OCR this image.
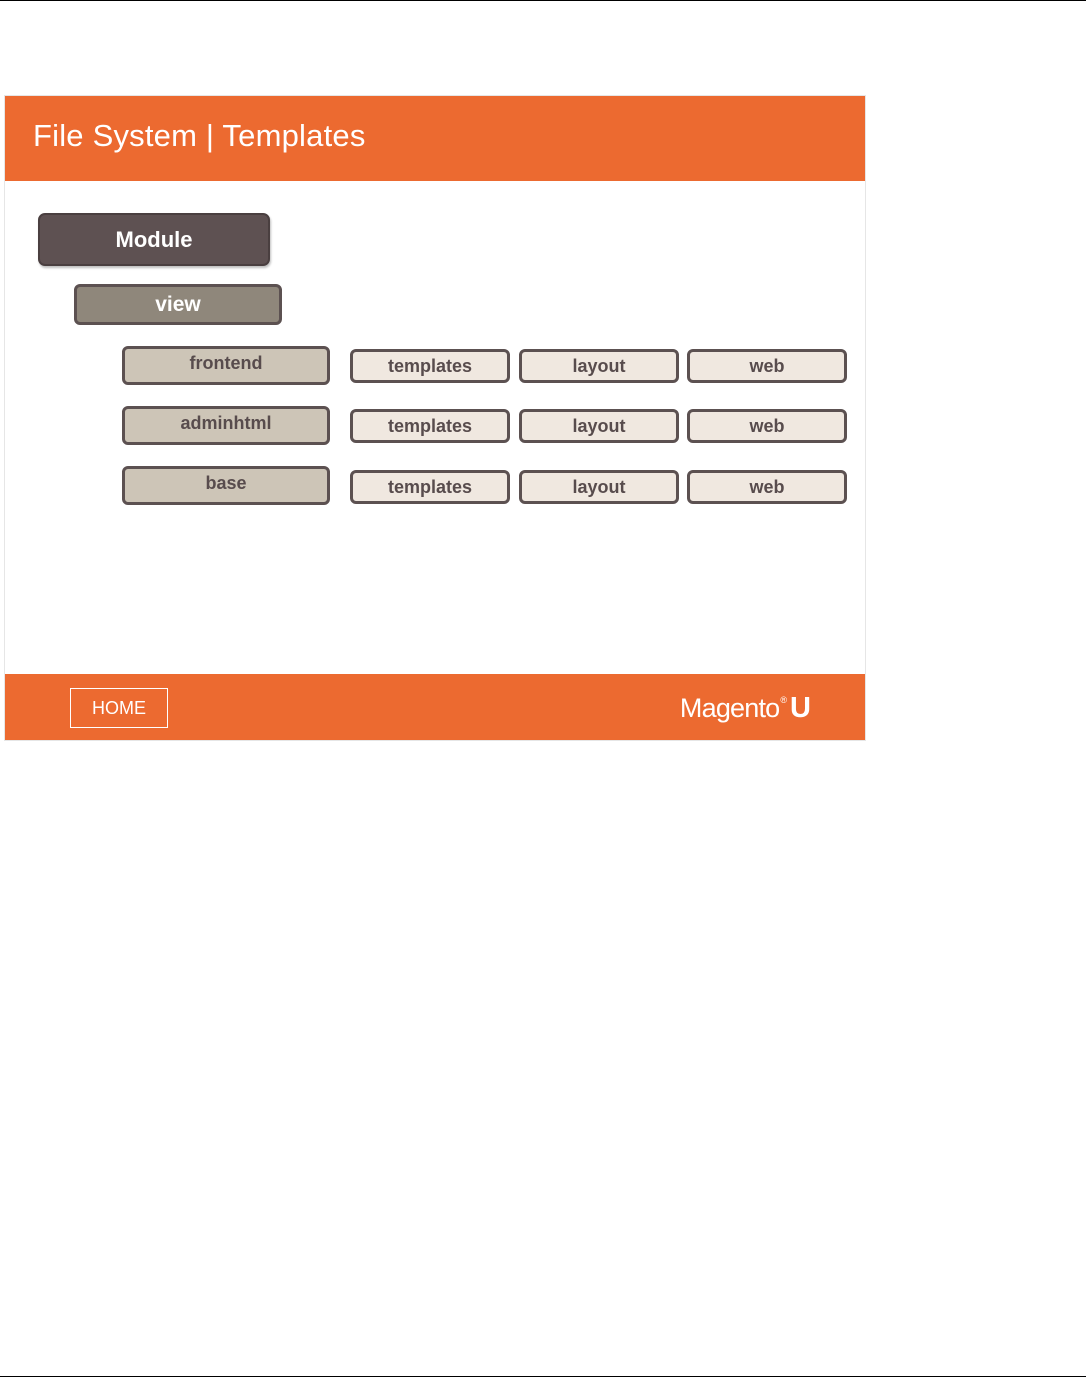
File System | Templates
Module
view
frontend	templates	layout	web
adminhtml	templates	layout	web
base	templates	layout	web
HOME	Magento ® U
